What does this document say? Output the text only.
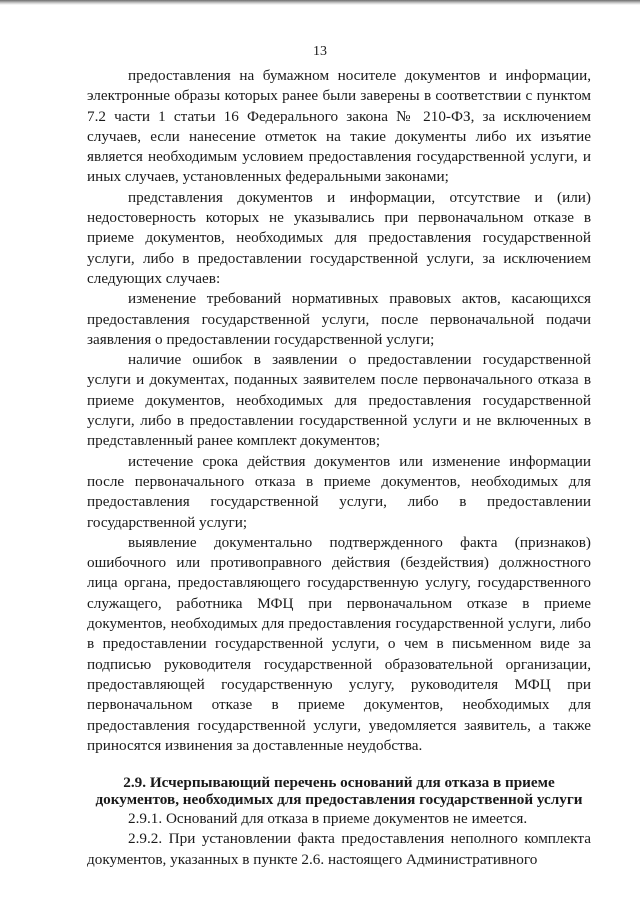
13

предоставления на бумажном носителе документов и информации, электронные образы которых ранее были заверены в соответствии с пунктом 7.2 части 1 статьи 16 Федерального закона № 210-ФЗ, за исключением случаев, если нанесение отметок на такие документы либо их изъятие является необходимым условием предоставления государственной услуги, и иных случаев, установленных федеральными законами;

представления документов и информации, отсутствие и (или) недостоверность которых не указывались при первоначальном отказе в приеме документов, необходимых для предоставления государственной услуги, либо в предоставлении государственной услуги, за исключением следующих случаев:

изменение требований нормативных правовых актов, касающихся предоставления государственной услуги, после первоначальной подачи заявления о предоставлении государственной услуги;

наличие ошибок в заявлении о предоставлении государственной услуги и документах, поданных заявителем после первоначального отказа в приеме документов, необходимых для предоставления государственной услуги, либо в предоставлении государственной услуги и не включенных в представленный ранее комплект документов;

истечение срока действия документов или изменение информации после первоначального отказа в приеме документов, необходимых для предоставления государственной услуги, либо в предоставлении государственной услуги;

выявление документально подтвержденного факта (признаков) ошибочного или противоправного действия (бездействия) должностного лица органа, предоставляющего государственную услугу, государственного служащего, работника МФЦ при первоначальном отказе в приеме документов, необходимых для предоставления государственной услуги, либо в предоставлении государственной услуги, о чем в письменном виде за подписью руководителя государственной образовательной организации, предоставляющей государственную услугу, руководителя МФЦ при первоначальном отказе в приеме документов, необходимых для предоставления государственной услуги, уведомляется заявитель, а также приносятся извинения за доставленные неудобства.

2.9. Исчерпывающий перечень оснований для отказа в приеме
документов, необходимых для предоставления государственной услуги

2.9.1. Оснований для отказа в приеме документов не имеется.

2.9.2. При установлении факта предоставления неполного комплекта документов, указанных в пункте 2.6. настоящего Административного
